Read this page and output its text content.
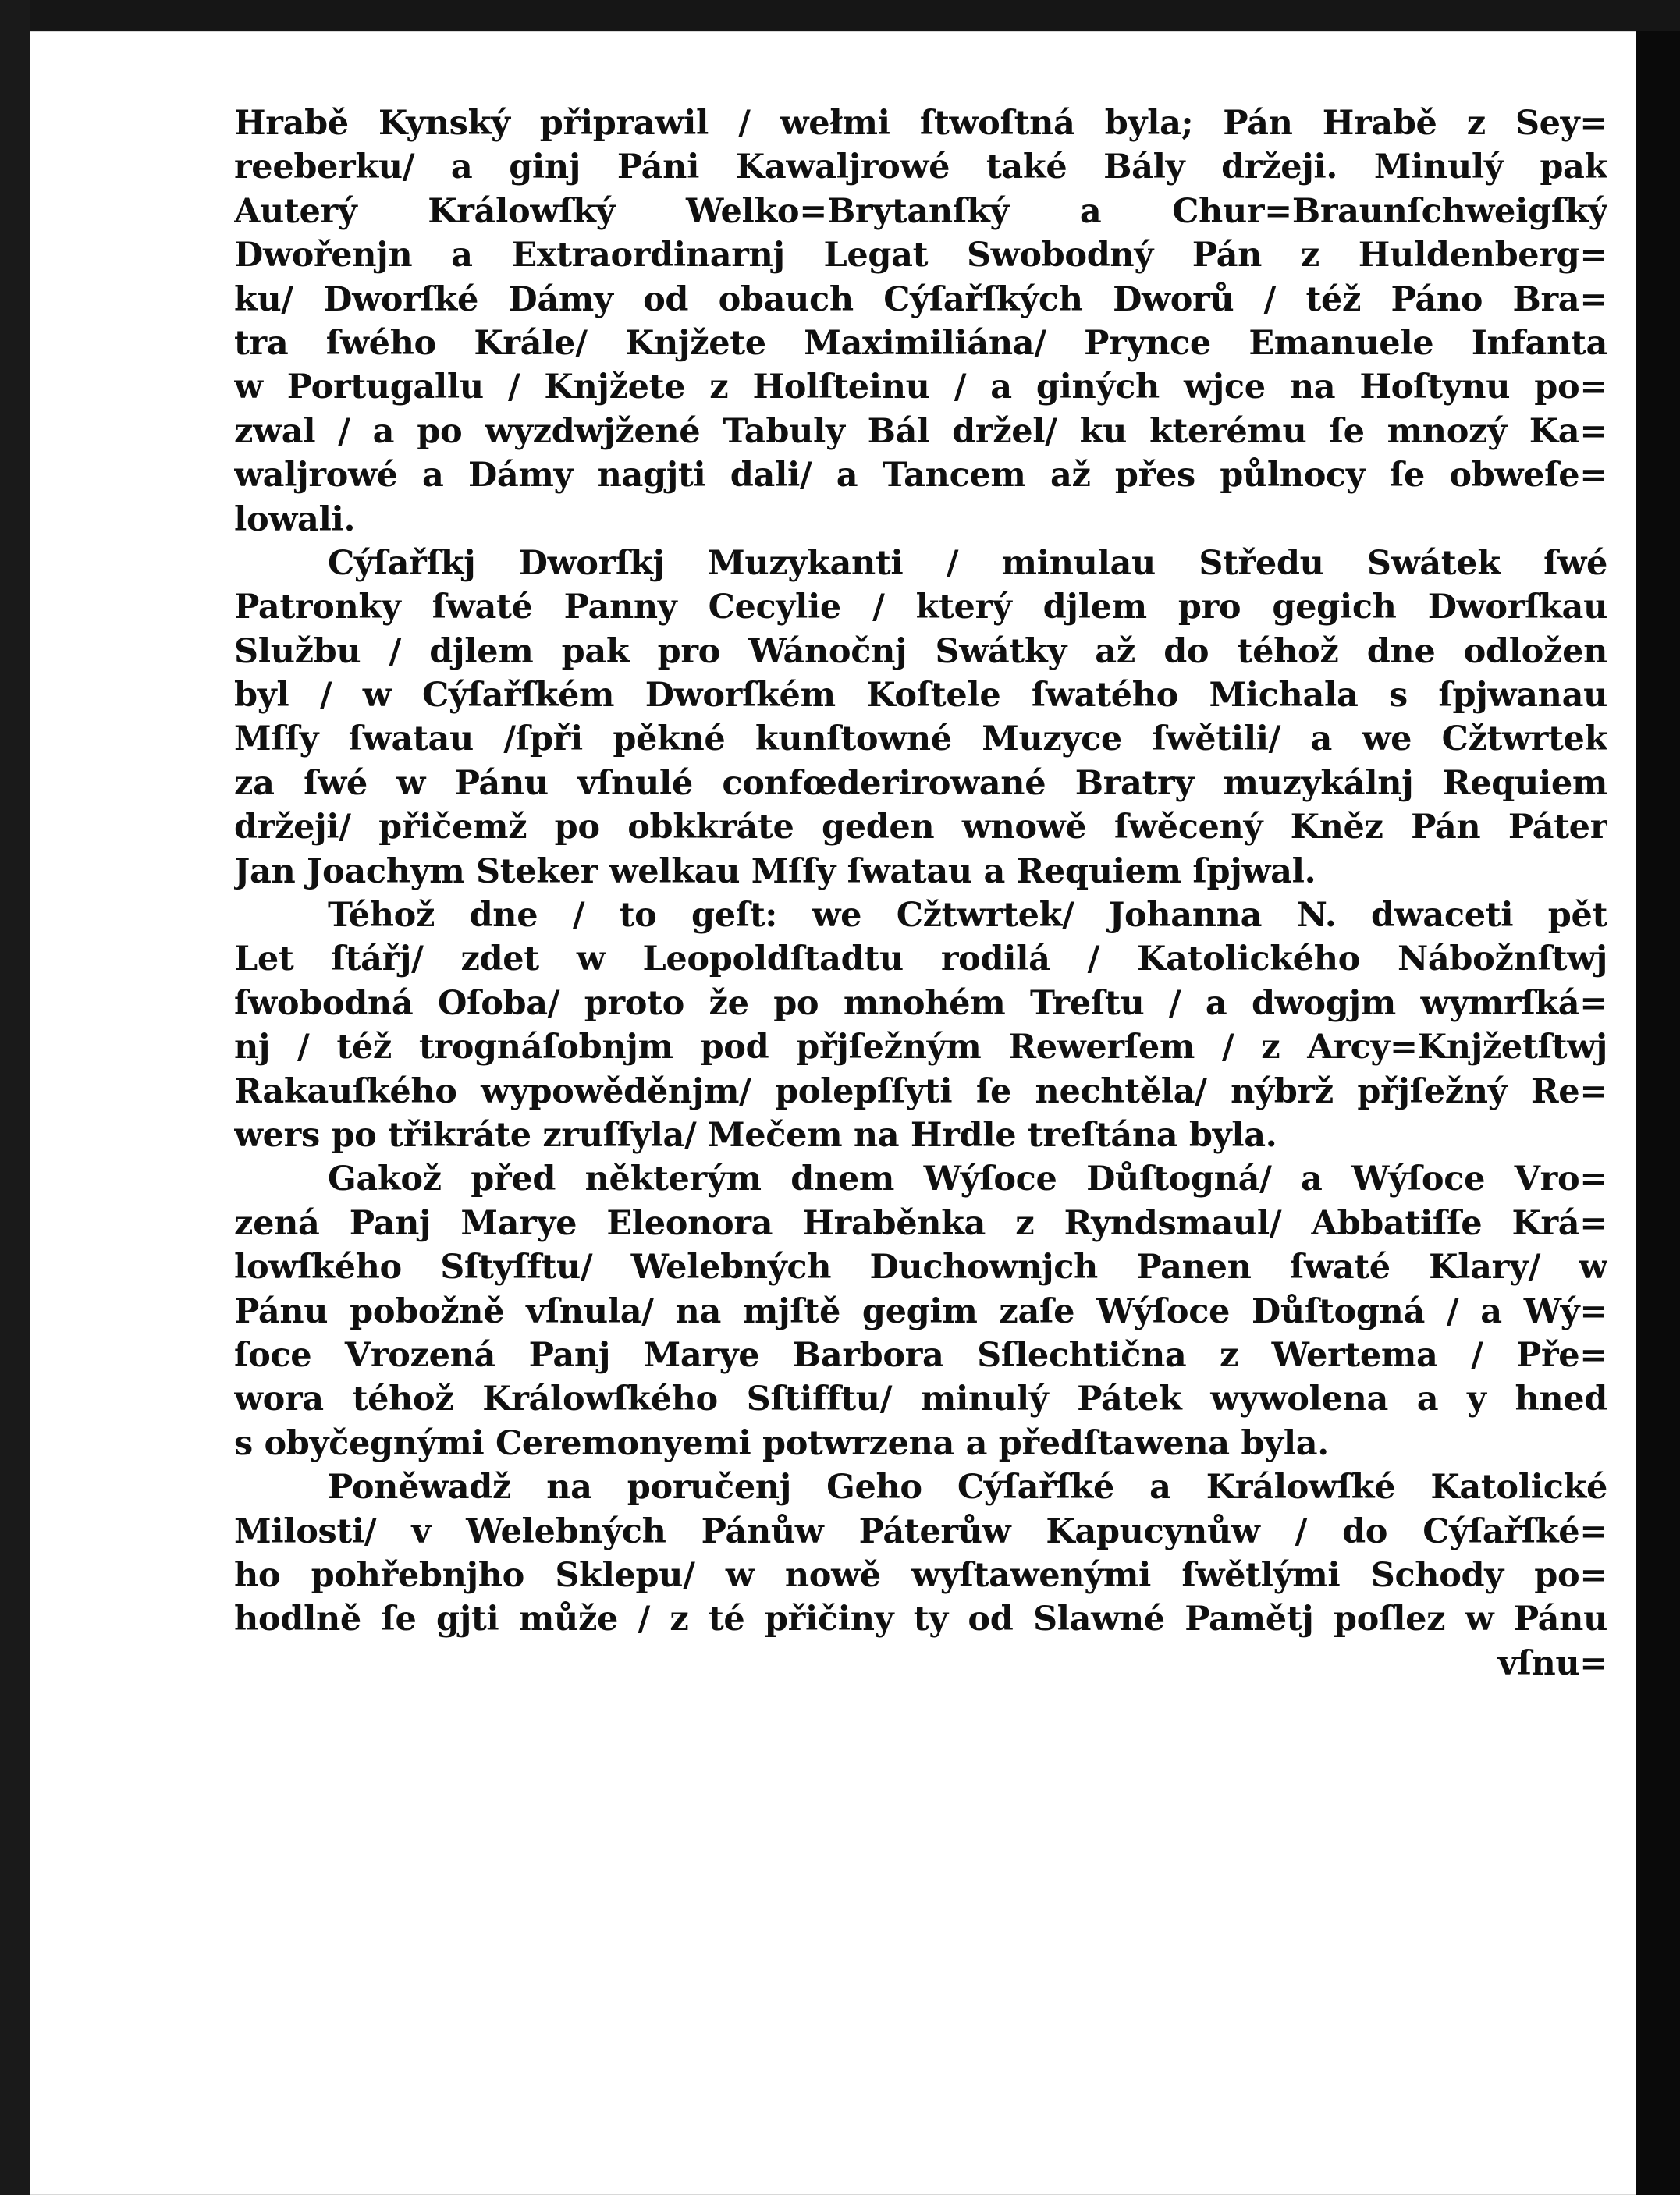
Hrabě Kynský připrawil / wełmi ſtwoſtná byla; Pán Hrabě z Sey=
reeberku/ a ginj Páni Kawaljrowé také Bály držeji. Minulý pak
Auterý Králowſký Welko=Brytanſký a Chur=Braunſchweigſký
Dwořenjn a Extraordinarnj Legat Swobodný Pán z Huldenberg=
ku/ Dworſké Dámy od obauch Cýſařſkých Dworů / též Páno Bra=
tra ſwého Krále/ Knjžete Maximiliána/ Prynce Emanuele Infanta
w Portugallu / Knjžete z Holſteinu / a giných wjce na Hoſtynu po=
zwal / a po wyzdwjžené Tabuly Bál držel/ ku kterému ſe mnozý Ka=
waljrowé a Dámy nagjti dali/ a Tancem až přes půlnocy ſe obweſe=
lowali.
Cýſařſkj Dworſkj Muzykanti / minulau Středu Swátek ſwé
Patronky ſwaté Panny Cecylie / který djlem pro gegich Dworſkau
Službu / djlem pak pro Wánočnj Swátky až do téhož dne odložen
byl / w Cýſařſkém Dworſkém Koſtele ſwatého Michala s ſpjwanau
Mſſy ſwatau /ſpři pěkné kunſtowné Muzyce ſwětili/ a we Cžtwrtek
za ſwé w Pánu vſnulé confœderirowané Bratry muzykálnj Requiem
držeji/ přičemž po obkkráte geden wnowě ſwěcený Kněz Pán Páter
Jan Joachym Steker welkau Mſſy ſwatau a Requiem ſpjwal.
Téhož dne / to geſt: we Cžtwrtek/ Johanna N. dwaceti pět
Let ſtářj/ zdet w Leopoldſtadtu rodilá / Katolického Nábožnſtwj
ſwobodná Oſoba/ proto že po mnohém Treſtu / a dwogjm wymrſká=
nj / též trognáſobnjm pod přjſežným Rewerſem / z Arcy=Knjžetſtwj
Rakauſkého wypowěděnjm/ polepſſyti ſe nechtěla/ nýbrž přjſežný Re=
wers po třikráte zruſſyla/ Mečem na Hrdle treſtána byla.
Gakož před některým dnem Wýſoce Důſtogná/ a Wýſoce Vro=
zená Panj Marye Eleonora Hraběnka z Ryndsmaul/ Abbatiſſe Krá=
lowſkého Sſtyſftu/ Welebných Duchownjch Panen ſwaté Klary/ w
Pánu pobožně vſnula/ na mjſtě gegim zaſe Wýſoce Důſtogná / a Wý=
ſoce Vrozená Panj Marye Barbora Sſlechtična z Wertema / Pře=
wora téhož Králowſkého Sſtifftu/ minulý Pátek wywolena a y hned
s obyčegnými Ceremonyemi potwrzena a předſtawena byla.
Poněwadž na poručenj Geho Cýſařſké a Králowſké Katolické
Milosti/ v Welebných Pánůw Páterůw Kapucynůw / do Cýſařſké=
ho pohřebnjho Sklepu/ w nowě wyſtawenými ſwětlými Schody po=
hodlně ſe gjti může / z té přičiny ty od Slawné Pamětj poſlez w Pánu
vſnu=
